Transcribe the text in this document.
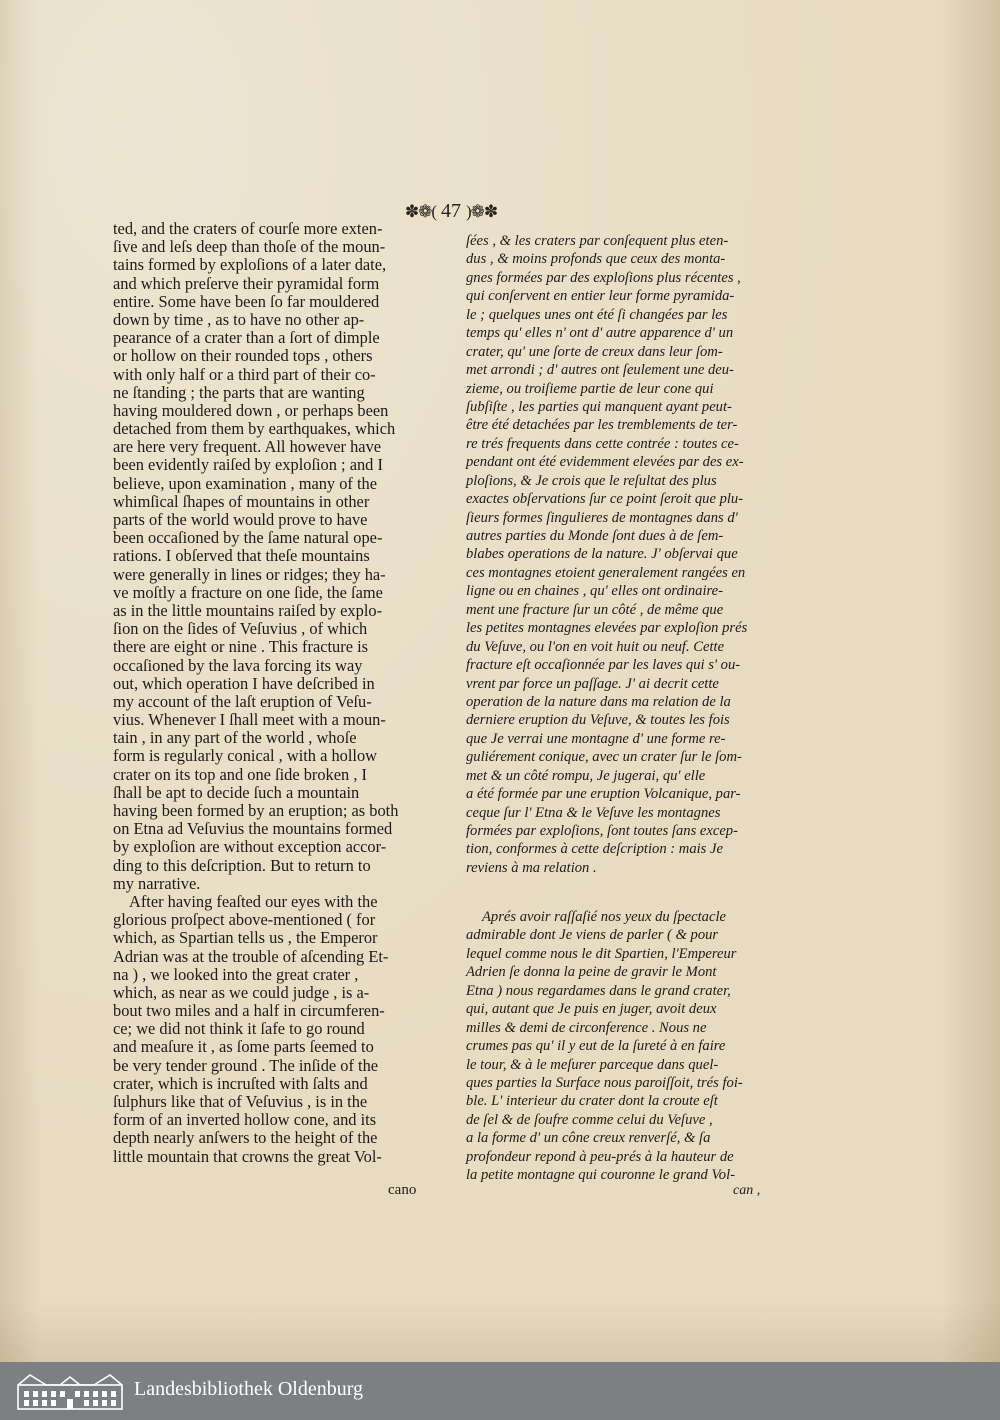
✽❁( 47 )❁✽
ted, and the craters of courſe more exten-
ſive and leſs deep than thoſe of the moun-
tains formed by exploſions of a later date,
and which preſerve their pyramidal form
entire. Some have been ſo far mouldered
down by time , as to have no other ap-
pearance of a crater than a ſort of dimple
or hollow on their rounded tops , others
with only half or a third part of their co-
ne ſtanding ; the parts that are wanting
having mouldered down , or perhaps been
detached from them by earthquakes, which
are here very frequent. All however have
been evidently raiſed by exploſion ; and I
believe, upon examination , many of the
whimſical ſhapes of mountains in other
parts of the world would prove to have
been occaſioned by the ſame natural ope-
rations. I obſerved that theſe mountains
were generally in lines or ridges; they ha-
ve moſtly a fracture on one ſide, the ſame
as in the little mountains raiſed by explo-
ſion on the ſides of Veſuvius , of which
there are eight or nine . This fracture is
occaſioned by the lava forcing its way
out, which operation I have deſcribed in
my account of the laſt eruption of Veſu-
vius. Whenever I ſhall meet with a moun-
tain , in any part of the world , whoſe
form is regularly conical , with a hollow
crater on its top and one ſide broken , I
ſhall be apt to decide ſuch a mountain
having been formed by an eruption; as both
on Etna ad Veſuvius the mountains formed
by exploſion are without exception accor-
ding to this deſcription. But to return to
my narrative.
After having feaſted our eyes with the
glorious proſpect above-mentioned ( for
which, as Spartian tells us , the Emperor
Adrian was at the trouble of aſcending Et-
na ) , we looked into the great crater ,
which, as near as we could judge , is a-
bout two miles and a half in circumferen-
ce; we did not think it ſafe to go round
and meaſure it , as ſome parts ſeemed to
be very tender ground . The inſide of the
crater, which is incruſted with ſalts and
ſulphurs like that of Veſuvius , is in the
form of an inverted hollow cone, and its
depth nearly anſwers to the height of the
little mountain that crowns the great Vol-
cano
ſées , & les craters par conſequent plus eten-
dus , & moins profonds que ceux des monta-
gnes formées par des exploſions plus récentes ,
qui conſervent en entier leur forme pyramida-
le ; quelques unes ont été ſi changées par les
temps qu' elles n' ont d' autre apparence d' un
crater, qu' une ſorte de creux dans leur ſom-
met arrondi ; d' autres ont ſeulement une deu-
zieme, ou troiſieme partie de leur cone qui
ſubſiſte , les parties qui manquent ayant peut-
être été detachées par les tremblements de ter-
re trés frequents dans cette contrée : toutes ce-
pendant ont été evidemment elevées par des ex-
ploſions, & Je crois que le reſultat des plus
exactes obſervations ſur ce point ſeroit que plu-
ſieurs formes ſingulieres de montagnes dans d'
autres parties du Monde ſont dues à de ſem-
blabes operations de la nature. J' obſervai que
ces montagnes etoient generalement rangées en
ligne ou en chaines , qu' elles ont ordinaire-
ment une fracture ſur un côté , de même que
les petites montagnes elevées par exploſion prés
du Veſuve, ou l'on en voit huit ou neuf. Cette
fracture eſt occaſionnée par les laves qui s' ou-
vrent par force un paſſage. J' ai decrit cette
operation de la nature dans ma relation de la
derniere eruption du Veſuve, & toutes les fois
que Je verrai une montagne d' une forme re-
guliérement conique, avec un crater ſur le ſom-
met & un côté rompu, Je jugerai, qu' elle
a été formée par une eruption Volcanique, par-
ceque ſur l' Etna & le Veſuve les montagnes
formées par exploſions, ſont toutes ſans excep-
tion, conformes à cette deſcription : mais Je
reviens à ma relation .
Aprés avoir raſſaſié nos yeux du ſpectacle
admirable dont Je viens de parler ( & pour
lequel comme nous le dit Spartien, l'Empereur
Adrien ſe donna la peine de gravir le Mont
Etna ) nous regardames dans le grand crater,
qui, autant que Je puis en juger, avoit deux
milles & demi de circonference . Nous ne
crumes pas qu' il y eut de la ſureté à en faire
le tour, & à le meſurer parceque dans quel-
ques parties la Surface nous paroiſſoit, trés foi-
ble. L' interieur du crater dont la croute eſt
de ſel & de ſoufre comme celui du Veſuve ,
a la forme d' un cône creux renverſé, & ſa
profondeur repond à peu-prés à la hauteur de
la petite montagne qui couronne le grand Vol-
can ,
Landesbibliothek Oldenburg
